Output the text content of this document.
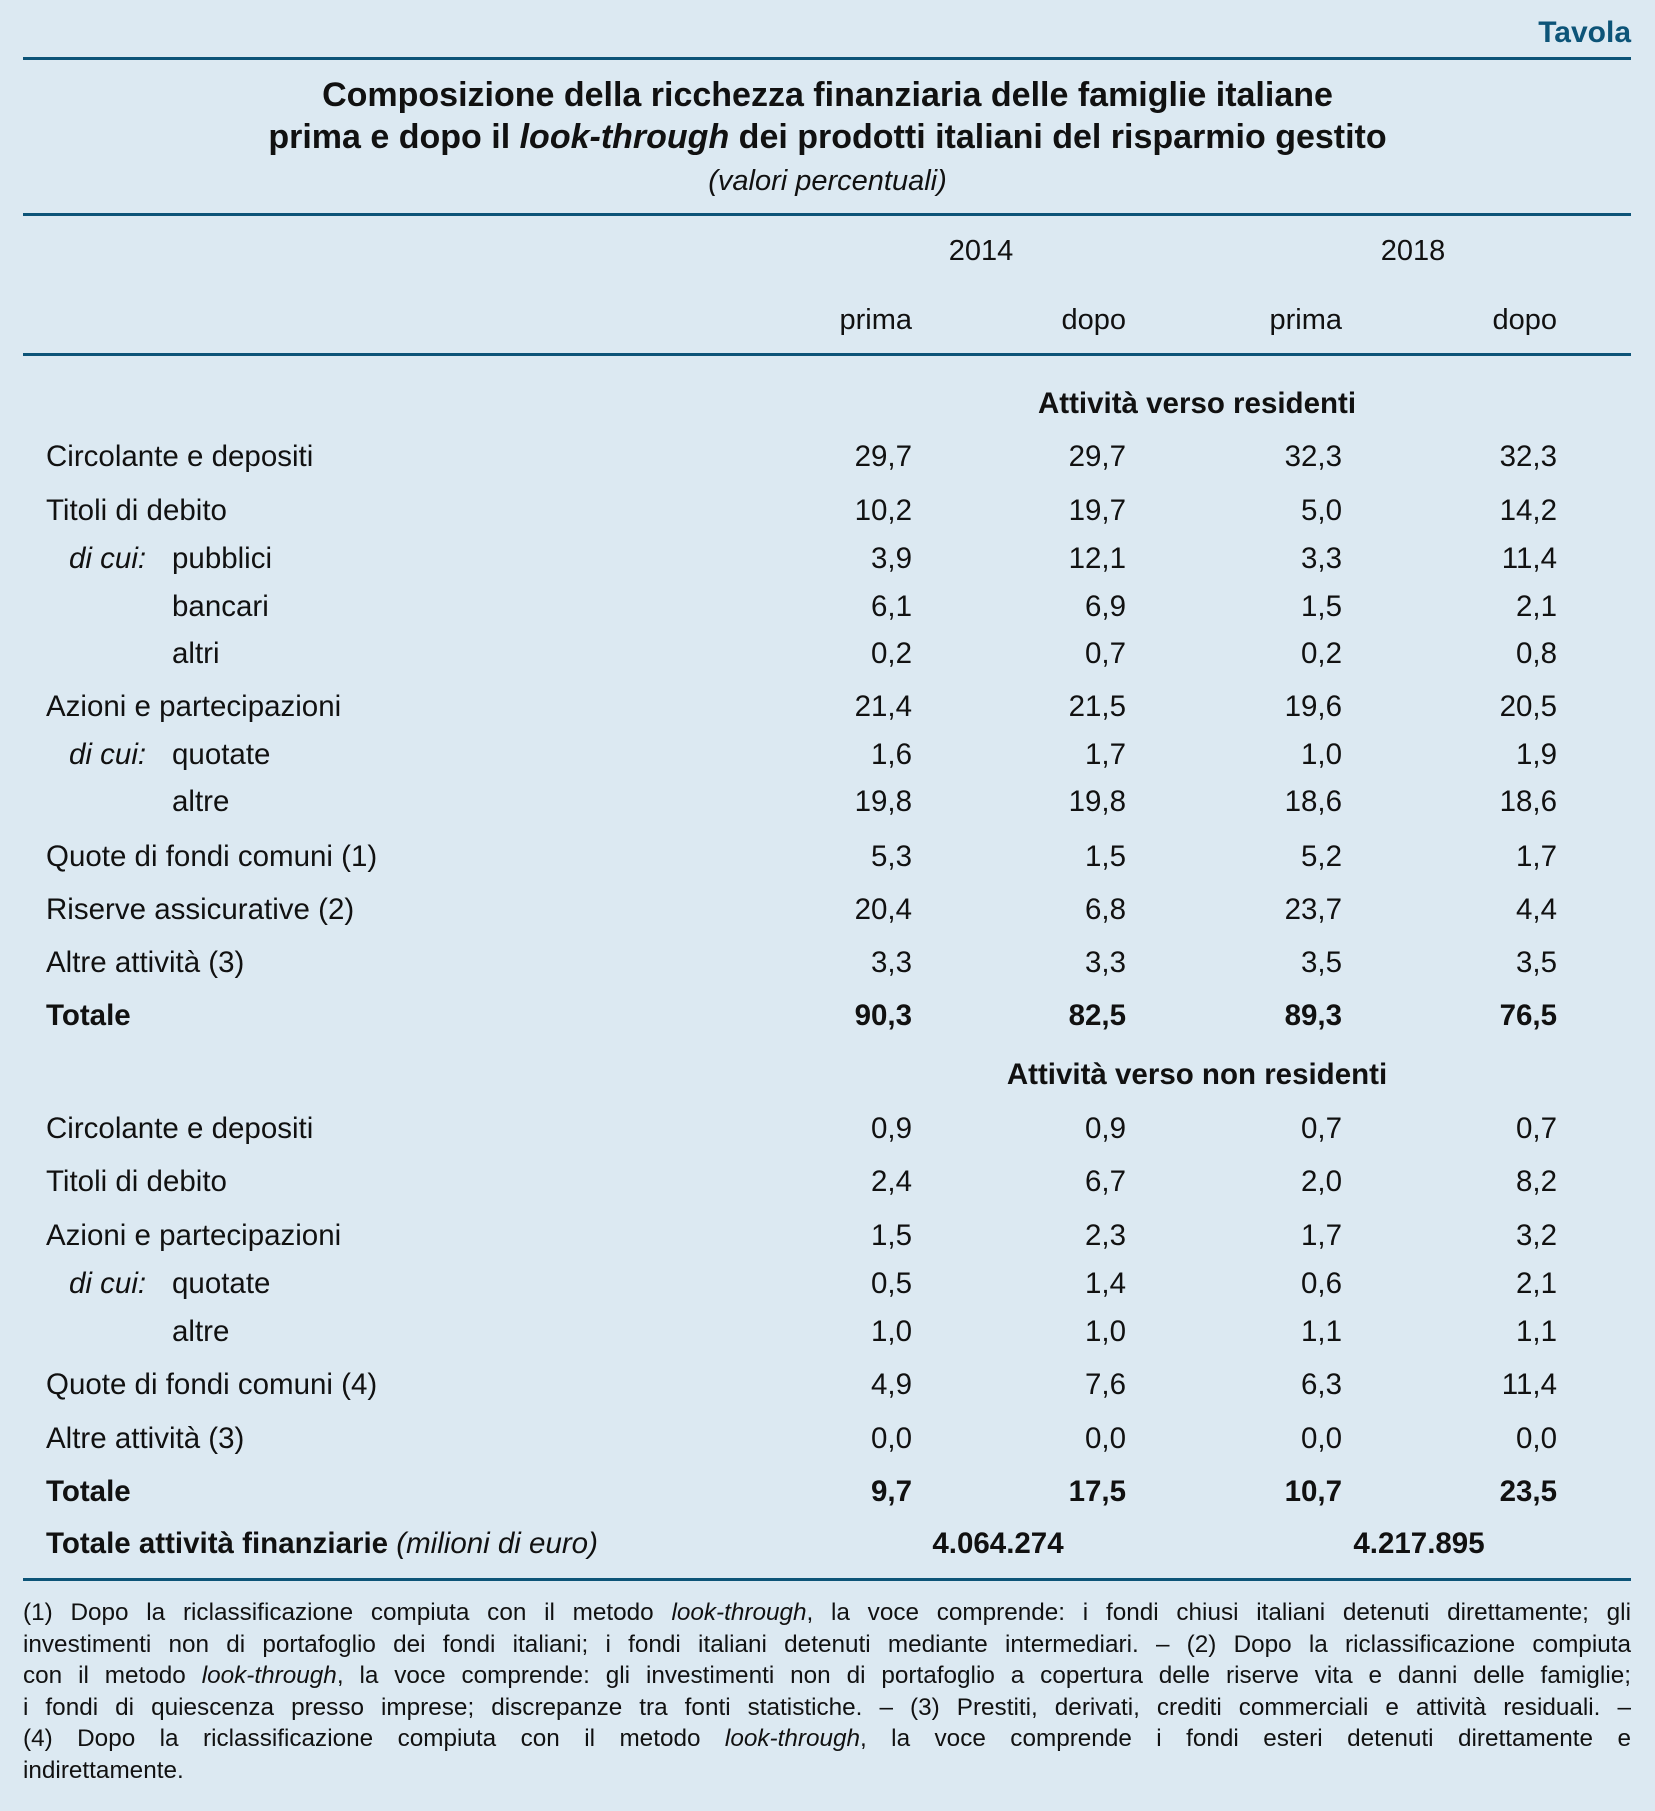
Tavola
Composizione della ricchezza finanziaria delle famiglie italiane
prima e dopo il look-through dei prodotti italiani del risparmio gestito
(valori percentuali)
2014	2018
prima	dopo	prima	dopo
Attività verso residenti
Circolante e depositi	29,7	29,7	32,3	32,3
Titoli di debito	10,2	19,7	5,0	14,2
di cui: pubblici	3,9	12,1	3,3	11,4
bancari	6,1	6,9	1,5	2,1
altri	0,2	0,7	0,2	0,8
Azioni e partecipazioni	21,4	21,5	19,6	20,5
di cui: quotate	1,6	1,7	1,0	1,9
altre	19,8	19,8	18,6	18,6
Quote di fondi comuni (1)	5,3	1,5	5,2	1,7
Riserve assicurative (2)	20,4	6,8	23,7	4,4
Altre attività (3)	3,3	3,3	3,5	3,5
Totale	90,3	82,5	89,3	76,5
Attività verso non residenti
Circolante e depositi	0,9	0,9	0,7	0,7
Titoli di debito	2,4	6,7	2,0	8,2
Azioni e partecipazioni	1,5	2,3	1,7	3,2
di cui: quotate	0,5	1,4	0,6	2,1
altre	1,0	1,0	1,1	1,1
Quote di fondi comuni (4)	4,9	7,6	6,3	11,4
Altre attività (3)	0,0	0,0	0,0	0,0
Totale	9,7	17,5	10,7	23,5
Totale attività finanziarie (milioni di euro)	4.064.274	4.217.895
(1) Dopo la riclassificazione compiuta con il metodo look-through, la voce comprende: i fondi chiusi italiani detenuti direttamente; gli
investimenti non di portafoglio dei fondi italiani; i fondi italiani detenuti mediante intermediari. – (2) Dopo la riclassificazione compiuta
con il metodo look-through, la voce comprende: gli investimenti non di portafoglio a copertura delle riserve vita e danni delle famiglie;
i fondi di quiescenza presso imprese; discrepanze tra fonti statistiche. – (3) Prestiti, derivati, crediti commerciali e attività residuali. –
(4) Dopo la riclassificazione compiuta con il metodo look-through, la voce comprende i fondi esteri detenuti direttamente e
indirettamente.
